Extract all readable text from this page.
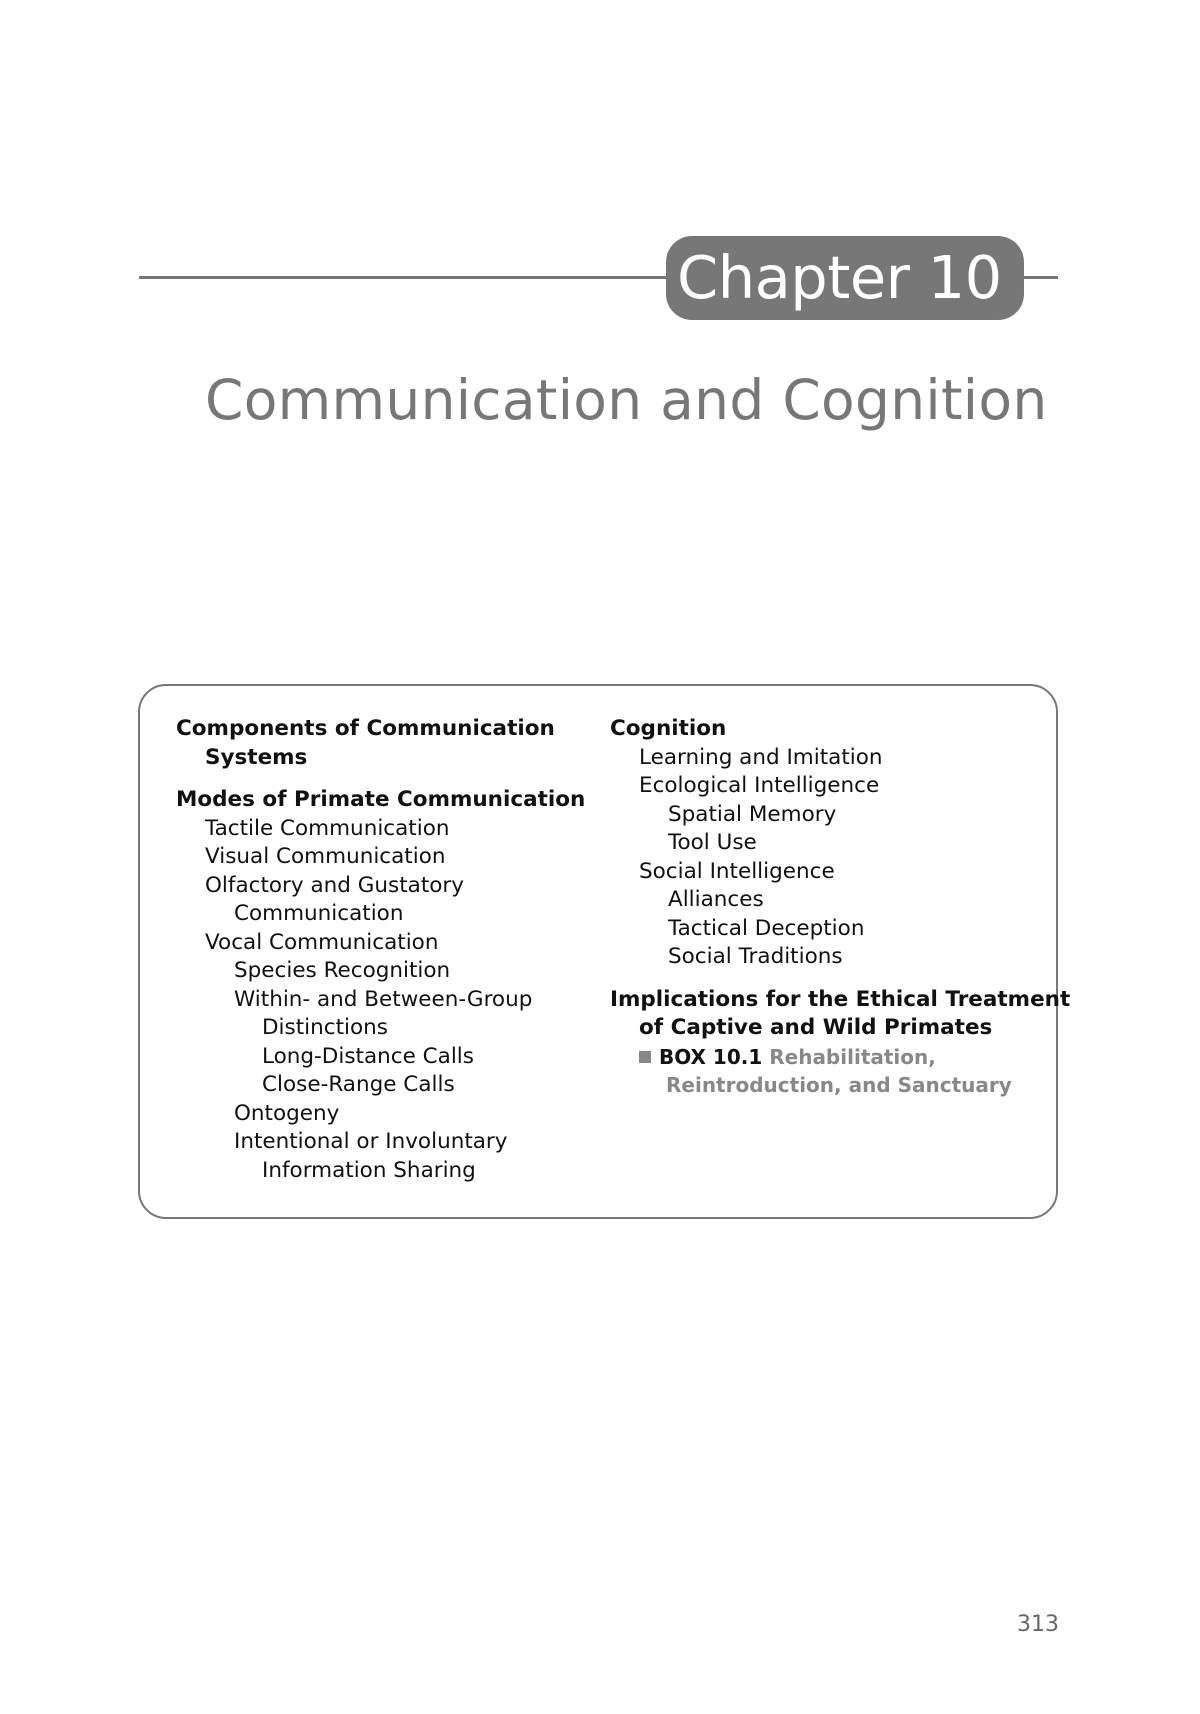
Chapter 10
Communication and Cognition
Components of Communication
Systems
Modes of Primate Communication
Tactile Communication
Visual Communication
Olfactory and Gustatory
Communication
Vocal Communication
Species Recognition
Within- and Between-Group
Distinctions
Long-Distance Calls
Close-Range Calls
Ontogeny
Intentional or Involuntary
Information Sharing
Cognition
Learning and Imitation
Ecological Intelligence
Spatial Memory
Tool Use
Social Intelligence
Alliances
Tactical Deception
Social Traditions
Implications for the Ethical Treatment
of Captive and Wild Primates
BOX 10.1 Rehabilitation,
Reintroduction, and Sanctuary
313
